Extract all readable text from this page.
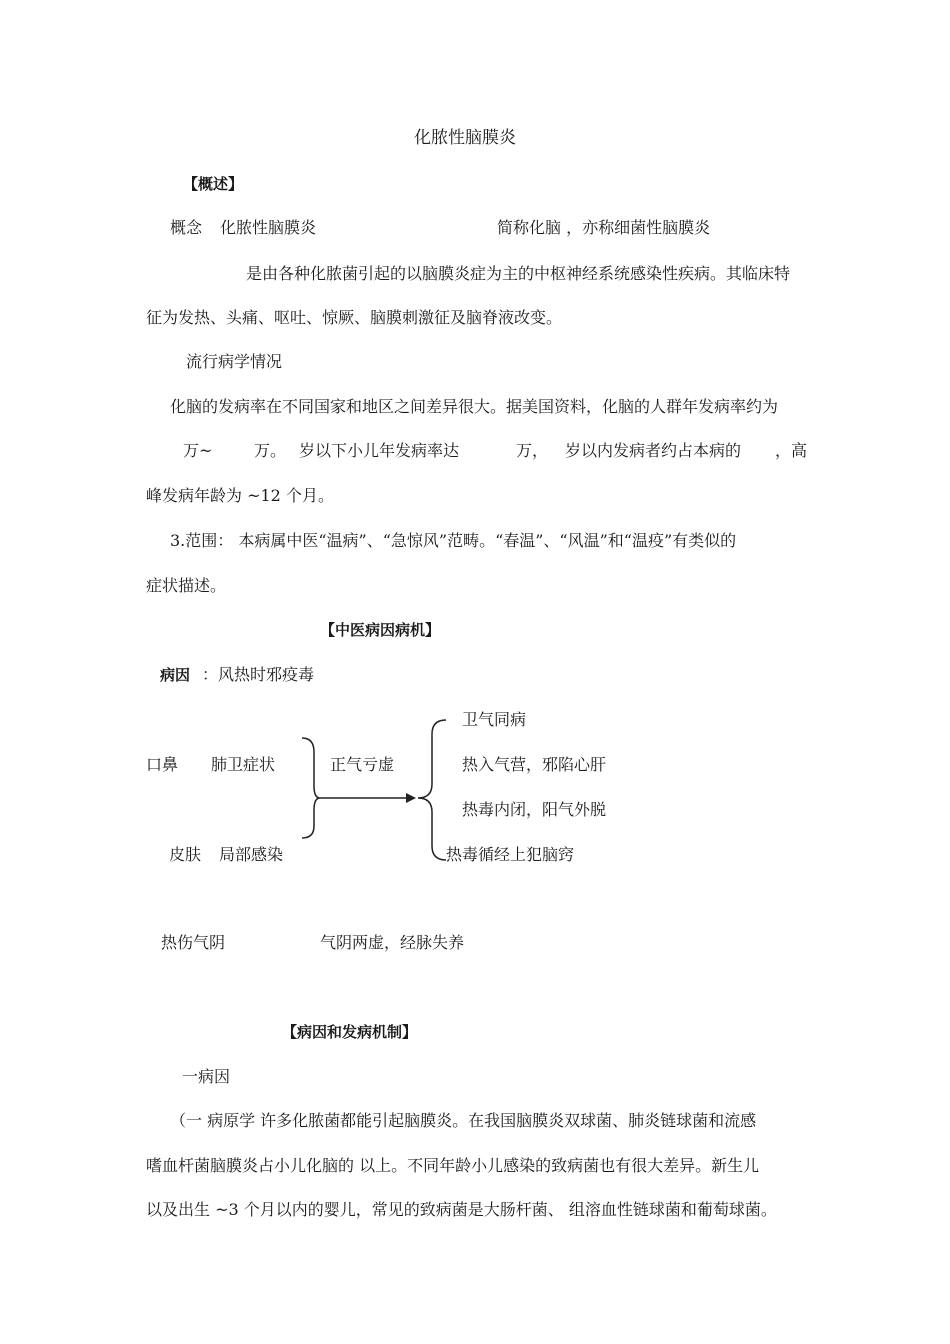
化脓性脑膜炎
【概述】
概念 化脓性脑膜炎	简称化脑 ，亦称细菌性脑膜炎
是由各种化脓菌引起的以脑膜炎症为主的中枢神经系统感染性疾病。其临床特
征为发热、头痛、呕吐、惊厥、脑膜刺激征及脑脊液改变。
流行病学情况
化脑的发病率在不同国家和地区之间差异很大。据美国资料，化脑的人群年发病率约为
万~	万。 岁以下小儿年发病率达	万， 岁以内发病者约占本病的 ，高
峰发病年龄为 ~12 个月。
3.范围： 本病属中医“温病”、“急惊风”范畴。“春温”、“风温”和“温疫”有类似的
症状描述。
【中医病因病机】
病因 ：风热时邪疫毒
口鼻 肺卫症状
皮肤 局部感染
正气亏虚
卫气同病
热入气营，邪陷心肝
热毒内闭，阳气外脱
热毒循经上犯脑窍
热伤气阴	气阴两虚，经脉失养
【病因和发病机制】
一病因
（一 病原学 许多化脓菌都能引起脑膜炎。在我国脑膜炎双球菌、肺炎链球菌和流感
嗜血杆菌脑膜炎占小儿化脑的 以上。不同年龄小儿感染的致病菌也有很大差异。新生儿
以及出生 ~3 个月以内的婴儿，常见的致病菌是大肠杆菌、 组溶血性链球菌和葡萄球菌。
